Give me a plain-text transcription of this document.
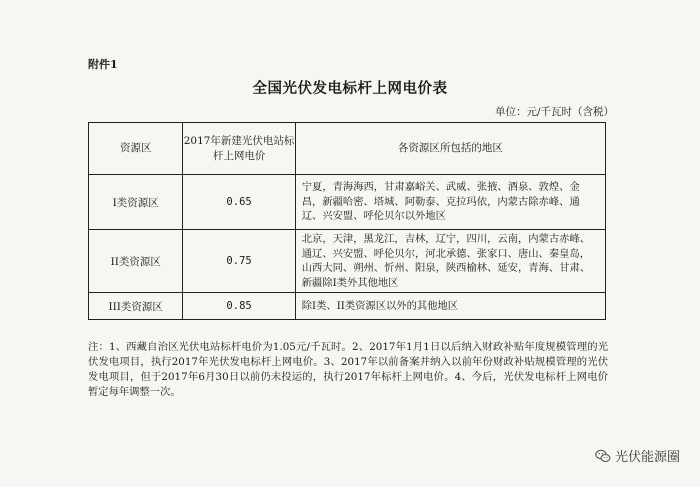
附件1
全国光伏发电标杆上网电价表
单位：元/千瓦时（含税）
资源区	2017年新建光伏电站标杆上网电价	各资源区所包括的地区
I类资源区	0.65	宁夏，青海海西，甘肃嘉峪关、武威、张掖、酒泉、敦煌、金昌，新疆哈密、塔城、阿勒泰、克拉玛依，内蒙古除赤峰、通辽、兴安盟、呼伦贝尔以外地区
II类资源区	0.75	北京，天津，黑龙江，吉林，辽宁，四川，云南，内蒙古赤峰、通辽、兴安盟、呼伦贝尔，河北承德、张家口、唐山、秦皇岛，山西大同、朔州、忻州、阳泉，陕西榆林、延安，青海、甘肃、新疆除I类外其他地区
III类资源区	0.85	除I类、II类资源区以外的其他地区
注：1、西藏自治区光伏电站标杆电价为1.05元/千瓦时。2、2017年1月1日以后纳入财政补贴年度规模管理的光伏发电项目，执行2017年光伏发电标杆上网电价。3、2017年以前备案并纳入以前年份财政补贴规模管理的光伏发电项目，但于2017年6月30日以前仍未投运的，执行2017年标杆上网电价。4、今后，光伏发电标杆上网电价暂定每年调整一次。
光伏能源圈
